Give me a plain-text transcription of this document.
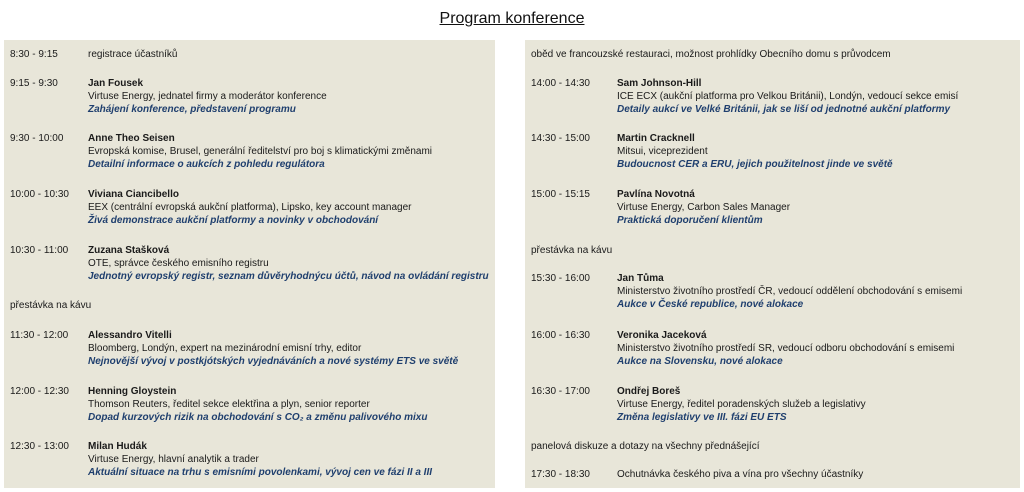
Program konference
8:30 - 9:15	registrace účastníků
9:15 - 9:30	Jan Fousek
Virtuse Energy, jednatel firmy a moderátor konference
Zahájení konference, představení programu
9:30 - 10:00 Anne Theo Seisen
Evropská komise, Brusel, generální ředitelství pro boj s klimatickými změnami
Detailní informace o aukcích z pohledu regulátora
10:00 - 10:30 Viviana Ciancibello
EEX (centrální evropská aukční platforma), Lipsko, key account manager
Živá demonstrace aukční platformy a novinky v obchodování
10:30 - 11:00 Zuzana Stašková
OTE, správce českého emisního registru
Jednotný evropský registr, seznam důvěryhodnýcu účtů, návod na ovládání registru
přestávka na kávu
11:30 - 12:00 Alessandro Vitelli
Bloomberg, Londýn, expert na mezinárodní emisní trhy, editor
Nejnovější vývoj v postkjótských vyjednáváních a nové systémy ETS ve světě
12:00 - 12:30 Henning Gloystein
Thomson Reuters, ředitel sekce elektřina a plyn, senior reporter
Dopad kurzových rizik na obchodování s CO₂ a změnu palivového mixu
12:30 - 13:00 Milan Hudák
Virtuse Energy, hlavní analytik a trader
Aktuální situace na trhu s emisními povolenkami, vývoj cen ve fázi II a III
oběd ve francouzské restauraci, možnost prohlídky Obecního domu s průvodcem
14:00 - 14:30	Sam Johnson-Hill
ICE ECX (aukční platforma pro Velkou Británii), Londýn, vedoucí sekce emisí
Detaily aukcí ve Velké Británii, jak se liší od jednotné aukční platformy
14:30 - 15:00	Martin Cracknell
Mitsui, viceprezident
Budoucnost CER a ERU, jejich použitelnost jinde ve světě
15:00 - 15:15	Pavlína Novotná
Virtuse Energy, Carbon Sales Manager
Praktická doporučení klientům
přestávka na kávu
15:30 - 16:00	Jan Tůma
Ministerstvo životního prostředí ČR, vedoucí oddělení obchodování s emisemi
Aukce v České republice, nové alokace
16:00 - 16:30	Veronika Jaceková
Ministerstvo životního prostředí SR, vedoucí odboru obchodování s emisemi
Aukce na Slovensku, nové alokace
16:30 - 17:00	Ondřej Boreš
Virtuse Energy, ředitel poradenských služeb a legislativy
Změna legislativy ve III. fázi EU ETS
panelová diskuze a dotazy na všechny přednášející
17:30 - 18:30	Ochutnávka českého piva a vína pro všechny účastníky
